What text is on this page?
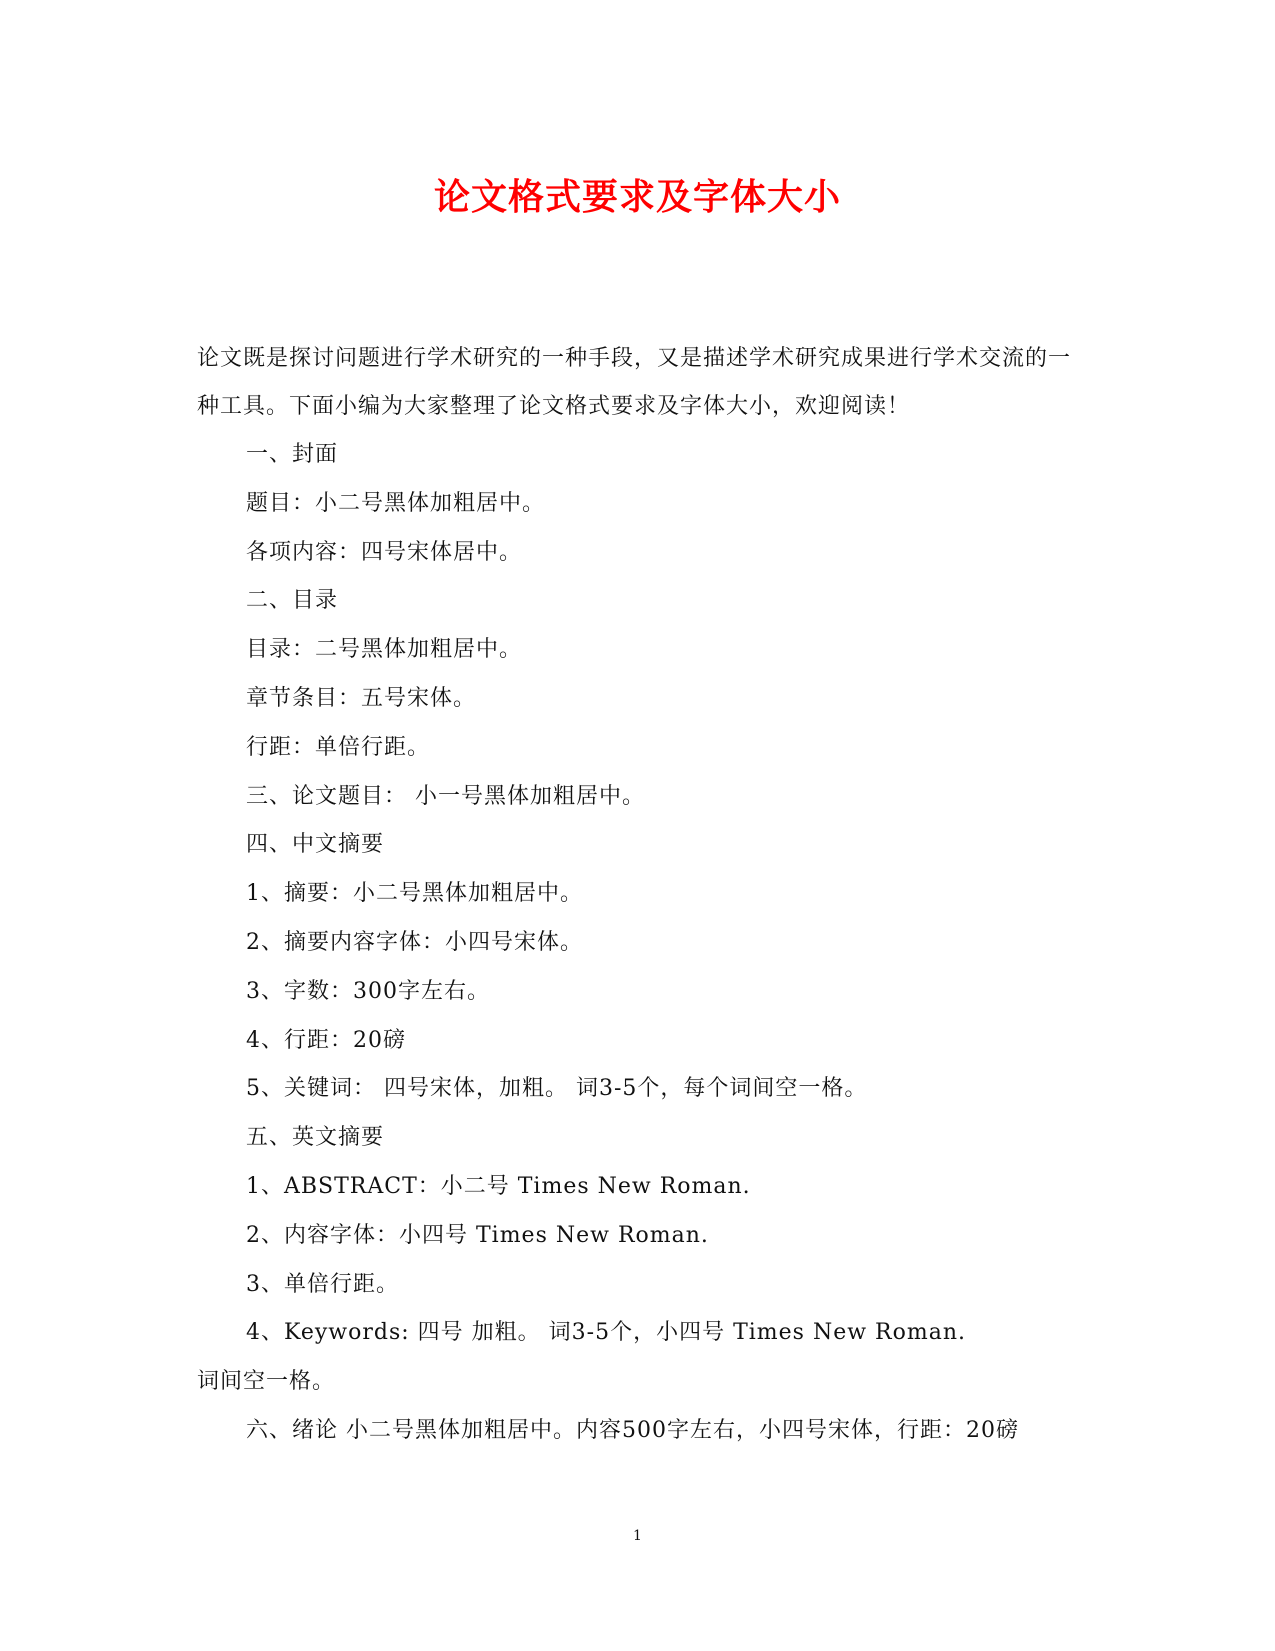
论文格式要求及字体大小

论文既是探讨问题进行学术研究的一种手段，又是描述学术研究成果进行学术交流的一种工具。下面小编为大家整理了论文格式要求及字体大小，欢迎阅读！

一、封面
题目：小二号黑体加粗居中。
各项内容：四号宋体居中。
二、目录
目录：二号黑体加粗居中。
章节条目：五号宋体。
行距：单倍行距。
三、论文题目： 小一号黑体加粗居中。
四、中文摘要
1、摘要：小二号黑体加粗居中。
2、摘要内容字体：小四号宋体。
3、字数：300字左右。
4、行距：20磅
5、关键词： 四号宋体，加粗。 词3-5个，每个词间空一格。
五、英文摘要
1、ABSTRACT：小二号 Times New Roman.
2、内容字体：小四号 Times New Roman.
3、单倍行距。
4、Keywords: 四号 加粗。 词3-5个，小四号 Times New Roman.
词间空一格。
六、绪论 小二号黑体加粗居中。内容500字左右，小四号宋体，行距：20磅
1
